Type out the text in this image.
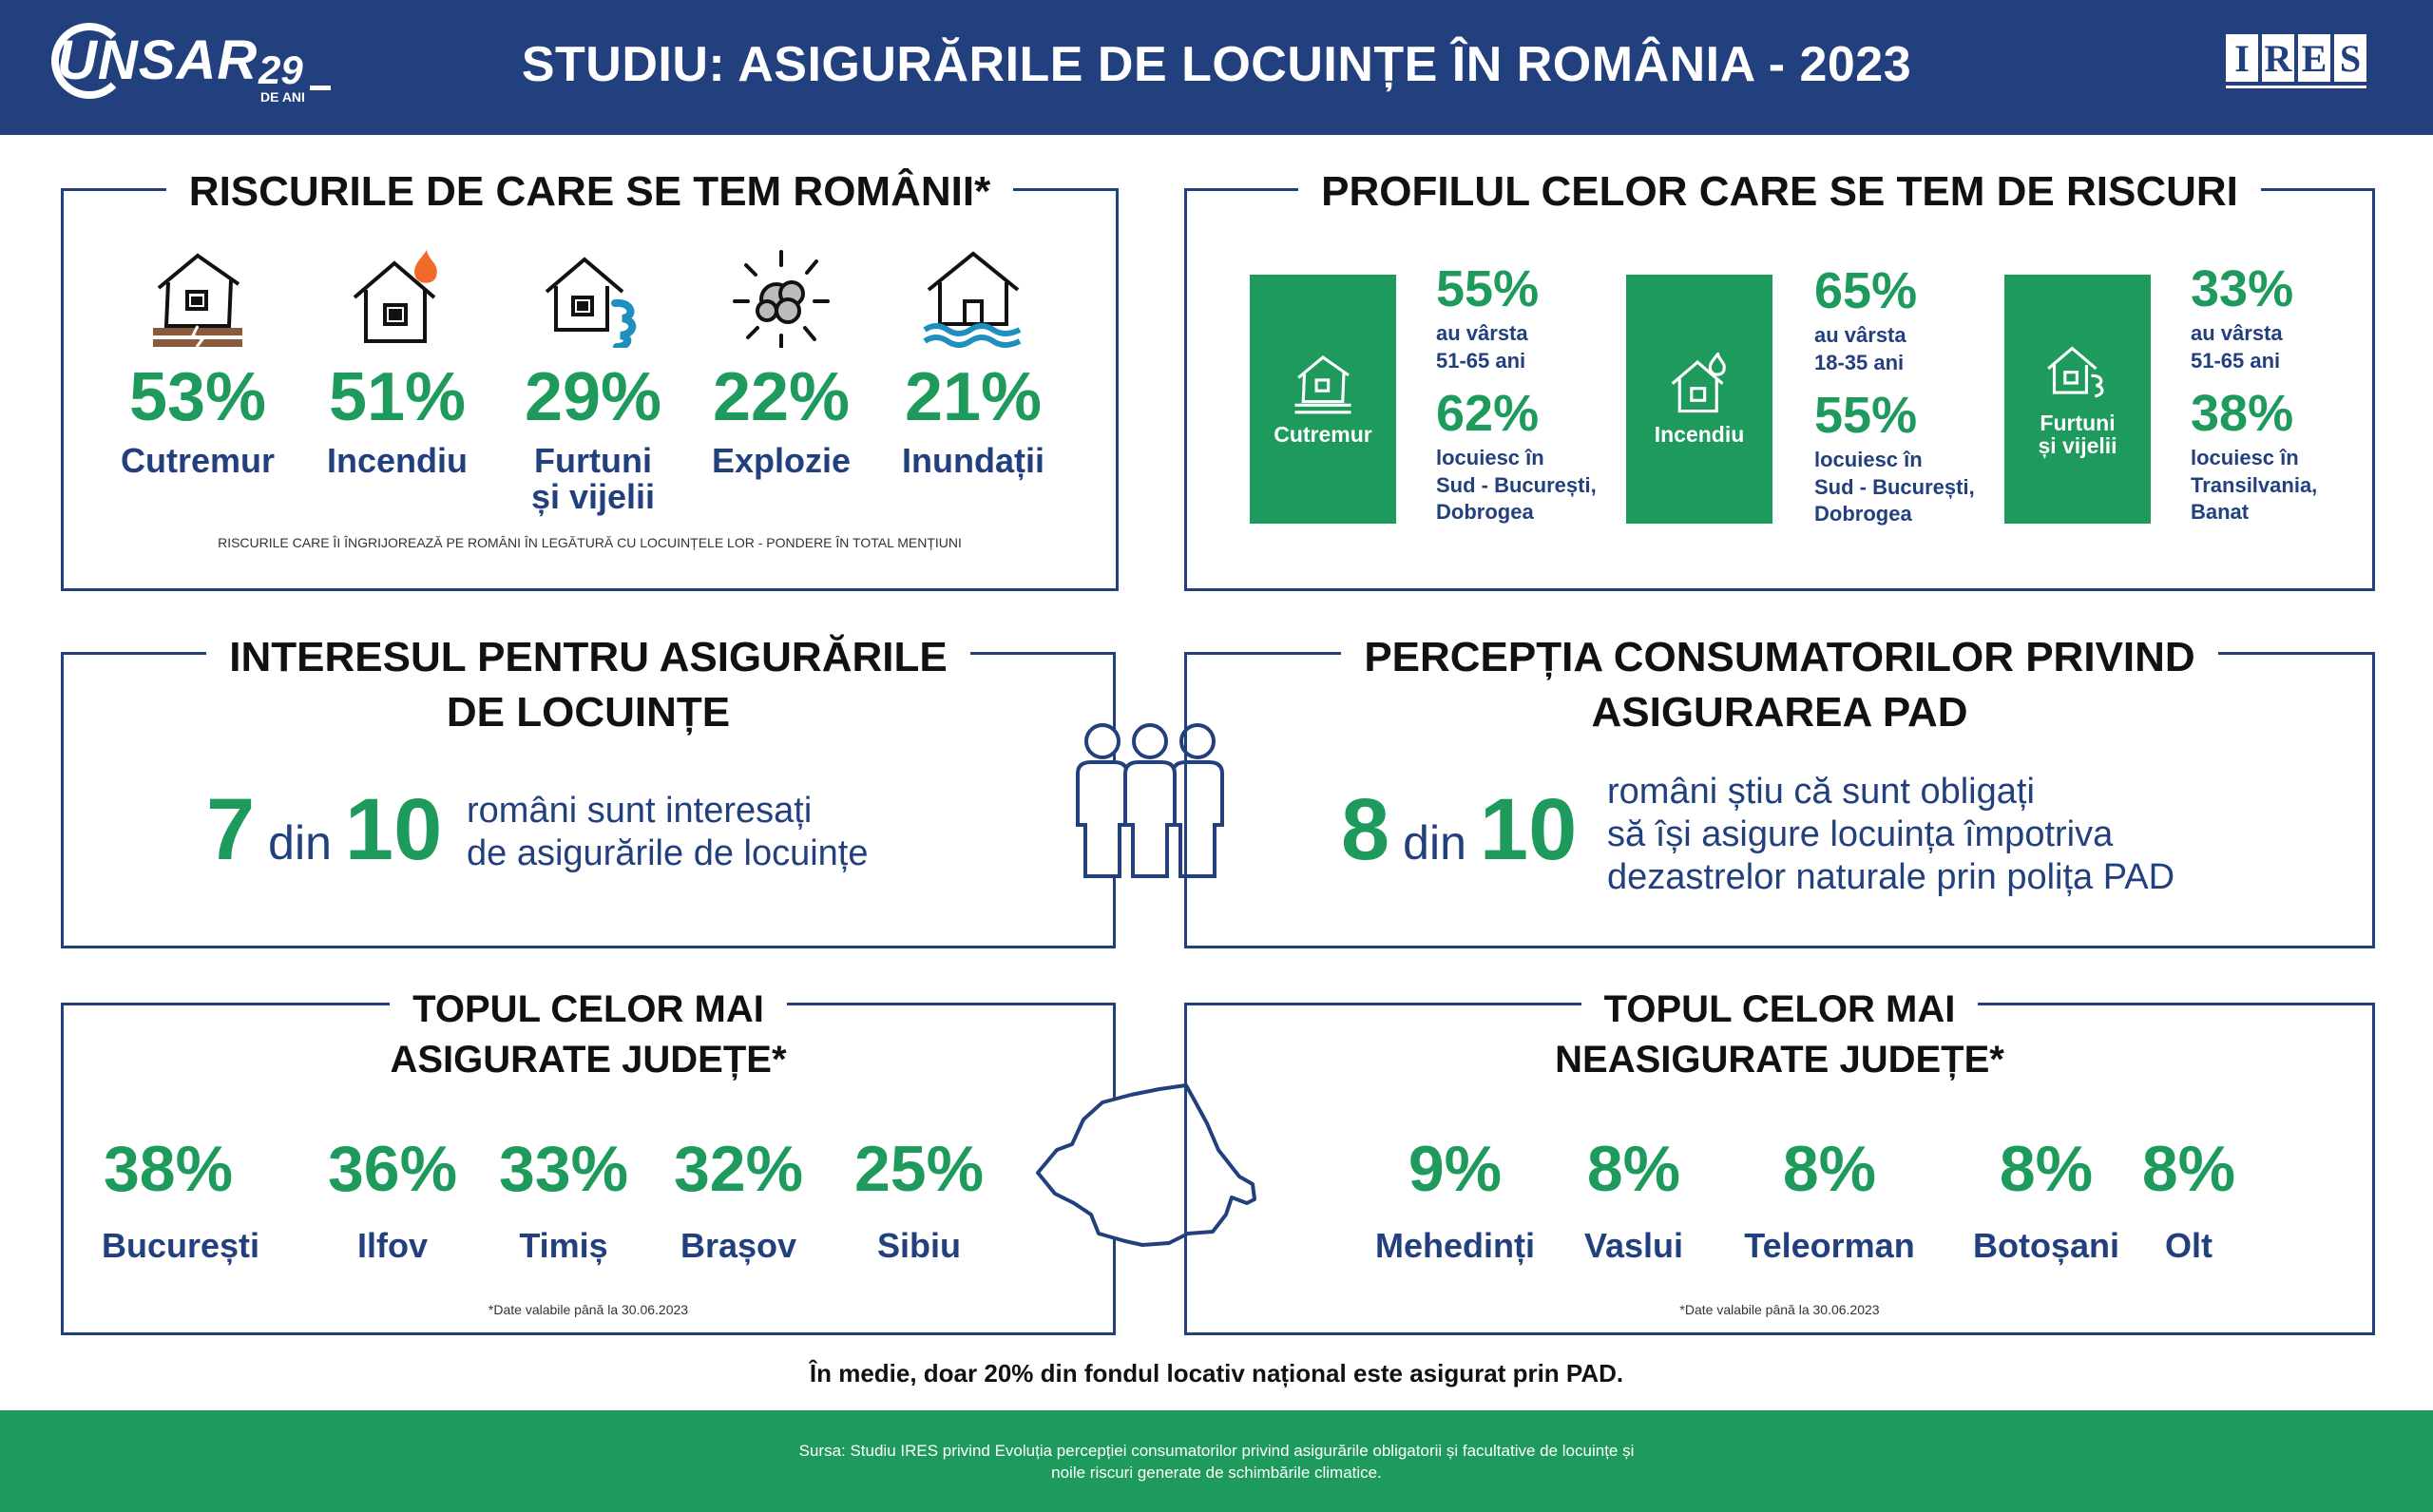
UNSAR 29
DE ANI
STUDIU: ASIGURĂRILE DE LOCUINȚE ÎN ROMÂNIA - 2023	I R E S
RISCURILE DE CARE SE TEM ROMÂNII*
53%
Cutremur
51%
Incendiu
29%
Furtuni
și vijelii
22%
Explozie
21%
Inundații
RISCURILE CARE ÎI ÎNGRIJOREAZĂ PE ROMÂNI ÎN LEGĂTURĂ CU LOCUINȚELE LOR - PONDERE ÎN TOTAL MENȚIUNI
PROFILUL CELOR CARE SE TEM DE RISCURI
Cutremur
55%
au vârsta
51-65 ani
62%
locuiesc în
Sud - București,
Dobrogea
Incendiu
65%
au vârsta
18-35 ani
55%
locuiesc în
Sud - București,
Dobrogea
Furtuni
și vijelii
33%
au vârsta
51-65 ani
38%
locuiesc în
Transilvania,
Banat
INTERESUL PENTRU ASIGURĂRILE
DE LOCUINȚE
7 din 10 români sunt interesați
de asigurările de locuințe
PERCEPȚIA CONSUMATORILOR PRIVIND
ASIGURAREA PAD
8 din 10 români știu că sunt obligați
să își asigure locuința împotriva
dezastrelor naturale prin polița PAD
TOPUL CELOR MAI
ASIGURATE JUDEȚE*
38%
București
36%
Ilfov
33%
Timiș
32%
Brașov
25%
Sibiu
*Date valabile până la 30.06.2023
TOPUL CELOR MAI
NEASIGURATE JUDEȚE*
9%
Mehedinți
8%
Vaslui
8%
Teleorman
8%
Botoșani
8%
Olt
*Date valabile până la 30.06.2023
În medie, doar 20% din fondul locativ național este asigurat prin PAD.
Sursa: Studiu IRES privind Evoluția percepției consumatorilor privind asigurările obligatorii și facultative de locuințe și
noile riscuri generate de schimbările climatice.
